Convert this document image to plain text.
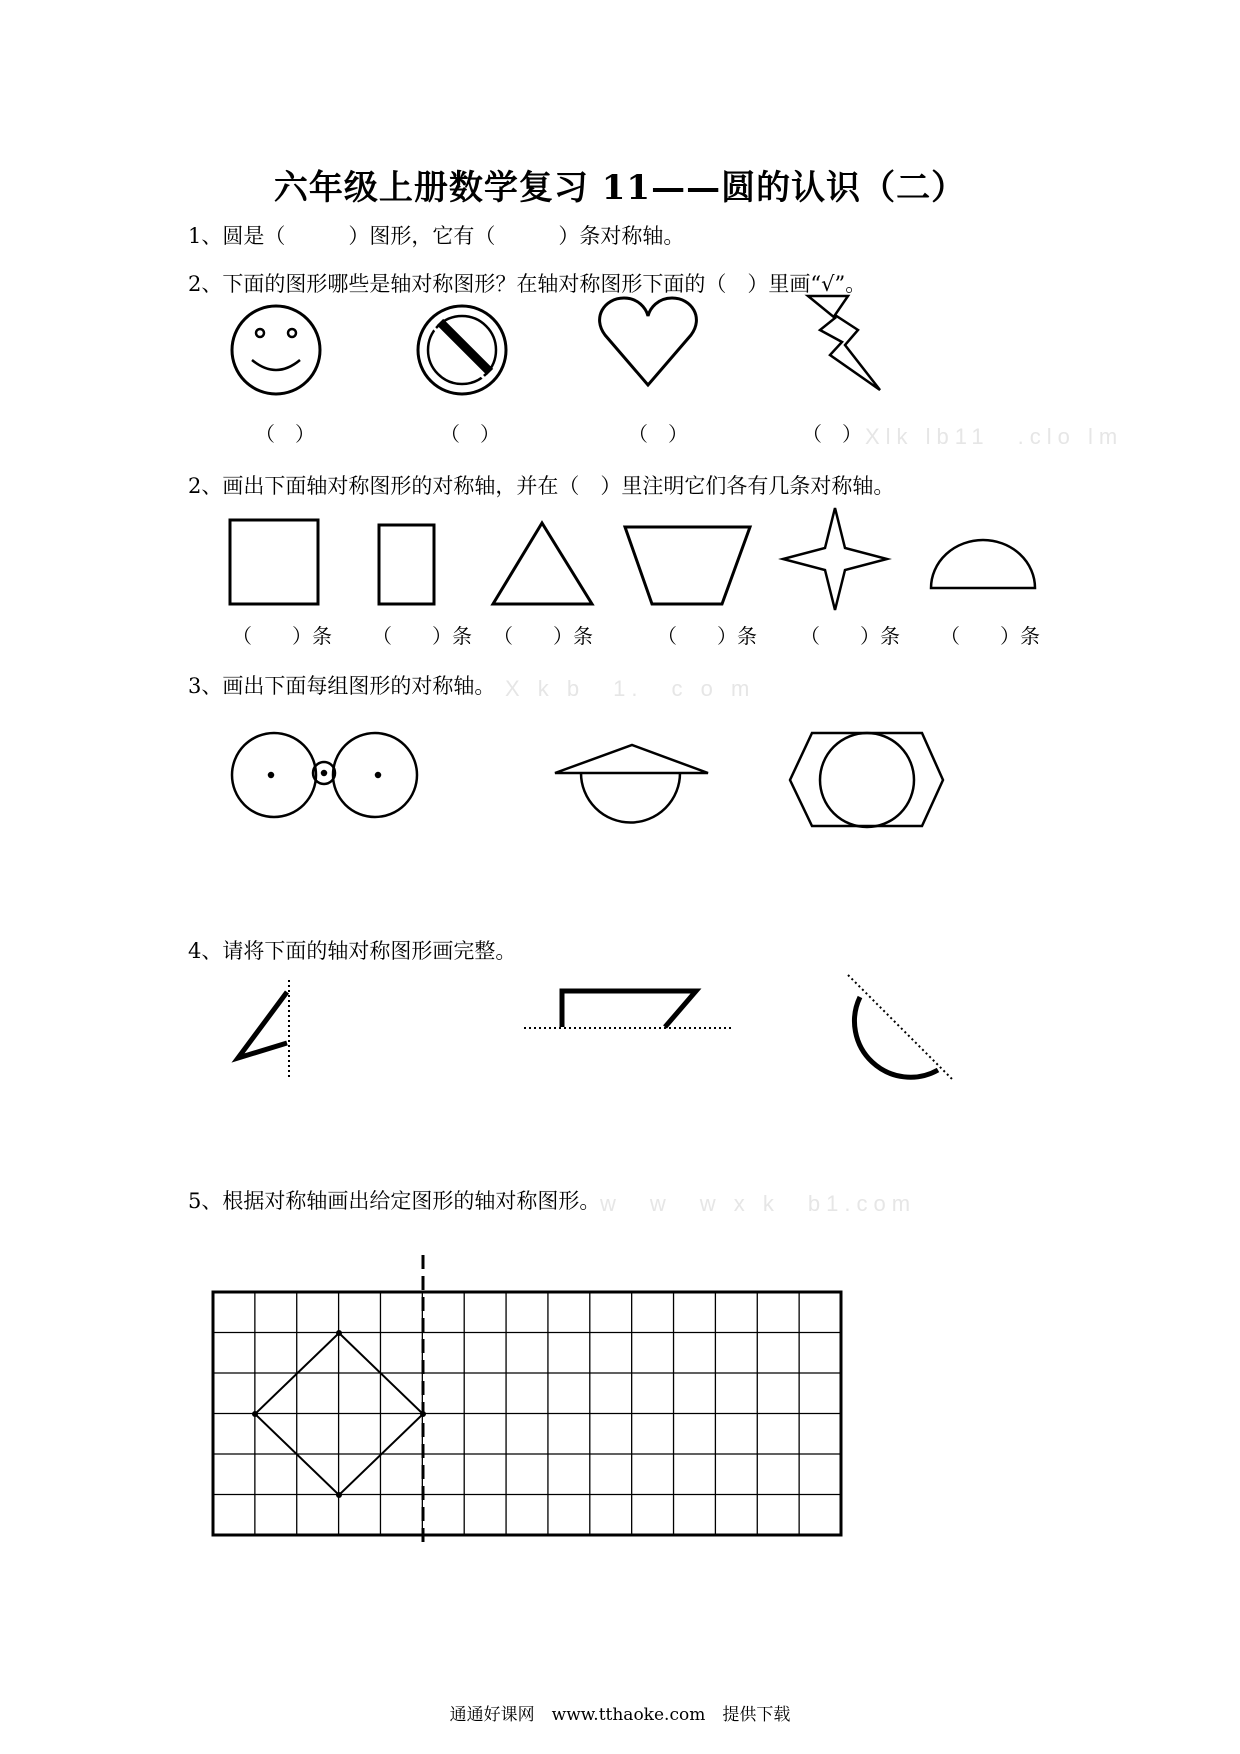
六年级上册数学复习 11——圆的认识（二）
1、圆是（　　　）图形，它有（　　　）条对称轴。
2、下面的图形哪些是轴对称图形？在轴对称图形下面的（　）里画“√”。
（　）	（　）	（　）	（　） Xlk lb11　.clo lm
2、画出下面轴对称图形的对称轴，并在（　）里注明它们各有几条对称轴。
（　　）条 （　　）条 （　　）条	（　　）条 （　　）条 （　　）条
3、画出下面每组图形的对称轴。 X k b　1.　c o m
4、请将下面的轴对称图形画完整。
5、根据对称轴画出给定图形的轴对称图形。 w　w　w x k　b1.com
通通好课网　www.tthaoke.com　提供下载
